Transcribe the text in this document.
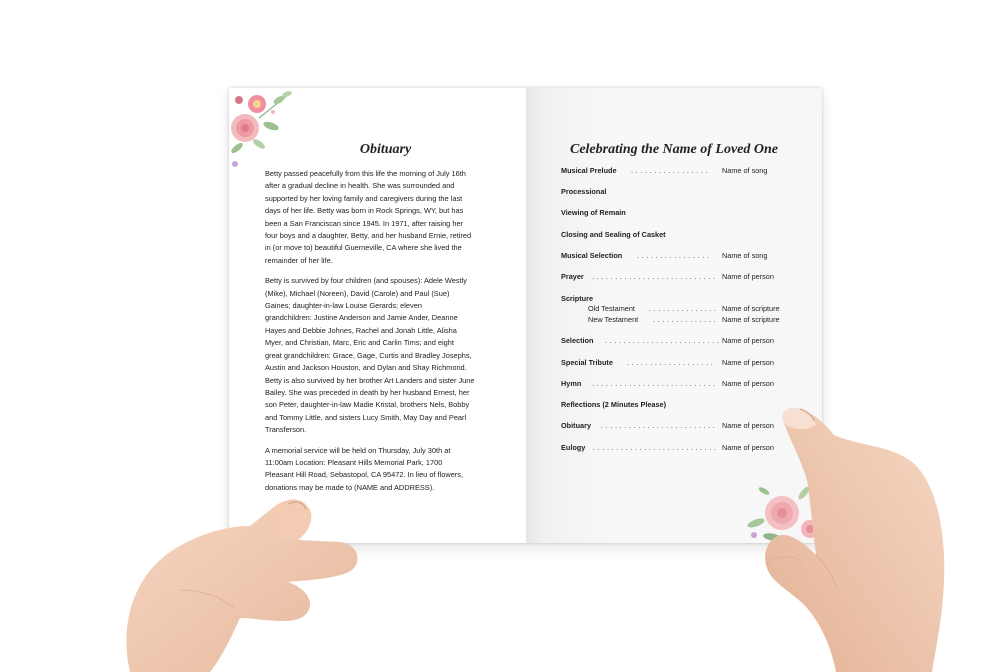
Obituary

Betty passed peacefully from this life the morning of July 16th
after a gradual decline in health. She was surrounded and
supported by her loving family and caregivers during the last
days of her life. Betty was born in Rock Springs, WY, but has
been a San Franciscan since 1945. In 1971, after raising her
four boys and a daughter, Betty, and her husband Ernie, retired
in (or move to) beautiful Guerneville, CA where she lived the
remainder of her life.

Betty is survived by four children (and spouses): Adele Westly
(Mike), Michael (Noreen), David (Carole) and Paul (Sue)
Gaines; daughter-in-law Louise Gerards; eleven
grandchildren: Justine Anderson and Jamie Ander, Deanne
Hayes and Debbie Johnes, Rachel and Jonah Little, Alisha
Myer, and Christian, Marc, Eric and Carlin Tims; and eight
great grandchildren: Grace, Gage, Curtis and Bradley Josephs,
Austin and Jackson Houston, and Dylan and Shay Richmond.
Betty is also survived by her brother Art Landers and sister June
Bailey. She was preceded in death by her husband Ernest, her
son Peter, daughter-in-law Madie Kristal, brothers Nels, Bobby
and Tommy Little, and sisters Lucy Smith, May Day and Pearl
Transferson.

A memorial service will be held on Thursday, July 30th at
11:00am Location: Pleasant Hills Memorial Park, 1700
Pleasant Hill Road, Sebastopol, CA 95472. In lieu of flowers,
donations may be made to (NAME and ADDRESS).

Celebrating the Name of Loved One
Musical Prelude . . . . . . . . . . . . . . . . . Name of song
Processional
Viewing of Remain
Closing and Sealing of Casket
Musical Selection . . . . . . . . . . . . . . . . Name of song
Prayer . . . . . . . . . . . . . . . . . . . . . . . . . . . Name of person
Scripture
Old Testament . . . . . . . . . . . . . . . Name of scripture
New Testament . . . . . . . . . . . . . . Name of scripture
Selection . . . . . . . . . . . . . . . . . . . . . . . . . Name of person
Special Tribute . . . . . . . . . . . . . . . . . . . Name of person
Hymn . . . . . . . . . . . . . . . . . . . . . . . . . . . Name of person
Reflections (2 Minutes Please)
Obituary . . . . . . . . . . . . . . . . . . . . . . . . . Name of person
Eulogy . . . . . . . . . . . . . . . . . . . . . . . . . . . Name of person
